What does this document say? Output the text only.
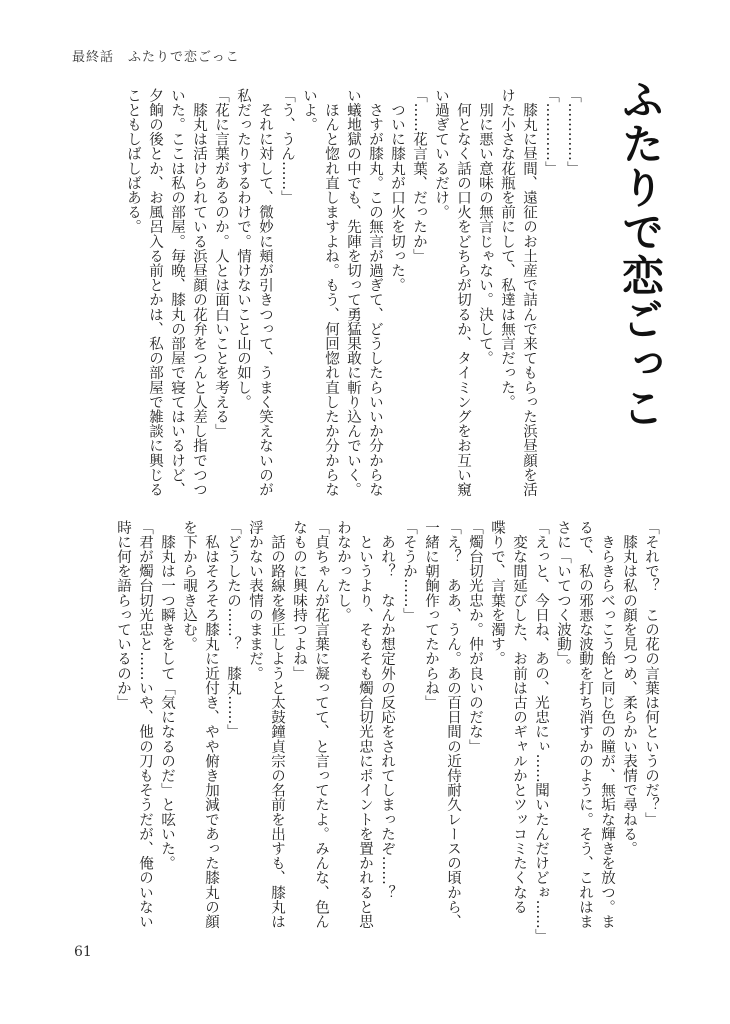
最終話　ふたりで恋ごっこ
ふたりで恋ごっこ
「…………」
「…………」
　膝丸に昼間、遠征のお土産で詰んで来てもらった浜昼顔を活
けた小さな花瓶を前にして、私達は無言だった。
　別に悪い意味の無言じゃない。決して。
　何となく話の口火をどちらが切るか、タイミングをお互い窺
い過ぎているだけ。
「……花言葉、だったか」
　ついに膝丸が口火を切った。
　さすが膝丸。この無言が過ぎて、どうしたらいいか分からな
い蟻地獄の中でも、先陣を切って勇猛果敢に斬り込んでいく。
　ほんと惚れ直しますよね。もう、何回惚れ直したか分からな
いよ。
「う、うん……」
　それに対して、微妙に頬が引きつって、うまく笑えないのが
私だったりするわけで。情けないこと山の如し。
「花に言葉があるのか。人とは面白いことを考える」
　膝丸は活けられている浜昼顔の花弁をつんと人差し指でつつ
いた。ここは私の部屋。毎晩、膝丸の部屋で寝てはいるけど、
夕餉の後とか、お風呂入る前とかは、私の部屋で雑談に興じる
こともしばしばある。
「それで？　この花の言葉は何というのだ？」
　膝丸は私の顔を見つめ、柔らかい表情で尋ねる。
　きらきらべっこう飴と同じ色の瞳が、無垢な輝きを放つ。ま
るで、私の邪悪な波動を打ち消すかのように。そう、これはま
さに「いてつく波動」。
「えっと、今日ね、あの、光忠にぃ……聞いたんだけどぉ……」
　変な間延びした、お前は古のギャルかとツッコミたくなる
喋りで、言葉を濁す。
「燭台切光忠か。仲が良いのだな」
「え？　ああ、うん。あの百日間の近侍耐久レースの頃から、
一緒に朝餉作ってたからね」
「そうか……」
　あれ？　なんか想定外の反応をされてしまったぞ……？
　というより、そもそも燭台切光忠にポイントを置かれると思
わなかったし。
「貞ちゃんが花言葉に凝ってて、と言ってたよ。みんな、色ん
なものに興味持つよね」
　話の路線を修正しようと太鼓鐘貞宗の名前を出すも、膝丸は
浮かない表情のままだ。
「どうしたの……？　膝丸……」
　私はそろそろ膝丸に近付き、やや俯き加減であった膝丸の顔
を下から覗き込む。
　膝丸は一つ瞬きをして「気になるのだ」と呟いた。
「君が燭台切光忠と……いや、他の刀もそうだが、俺のいない
時に何を語らっているのか」
61
